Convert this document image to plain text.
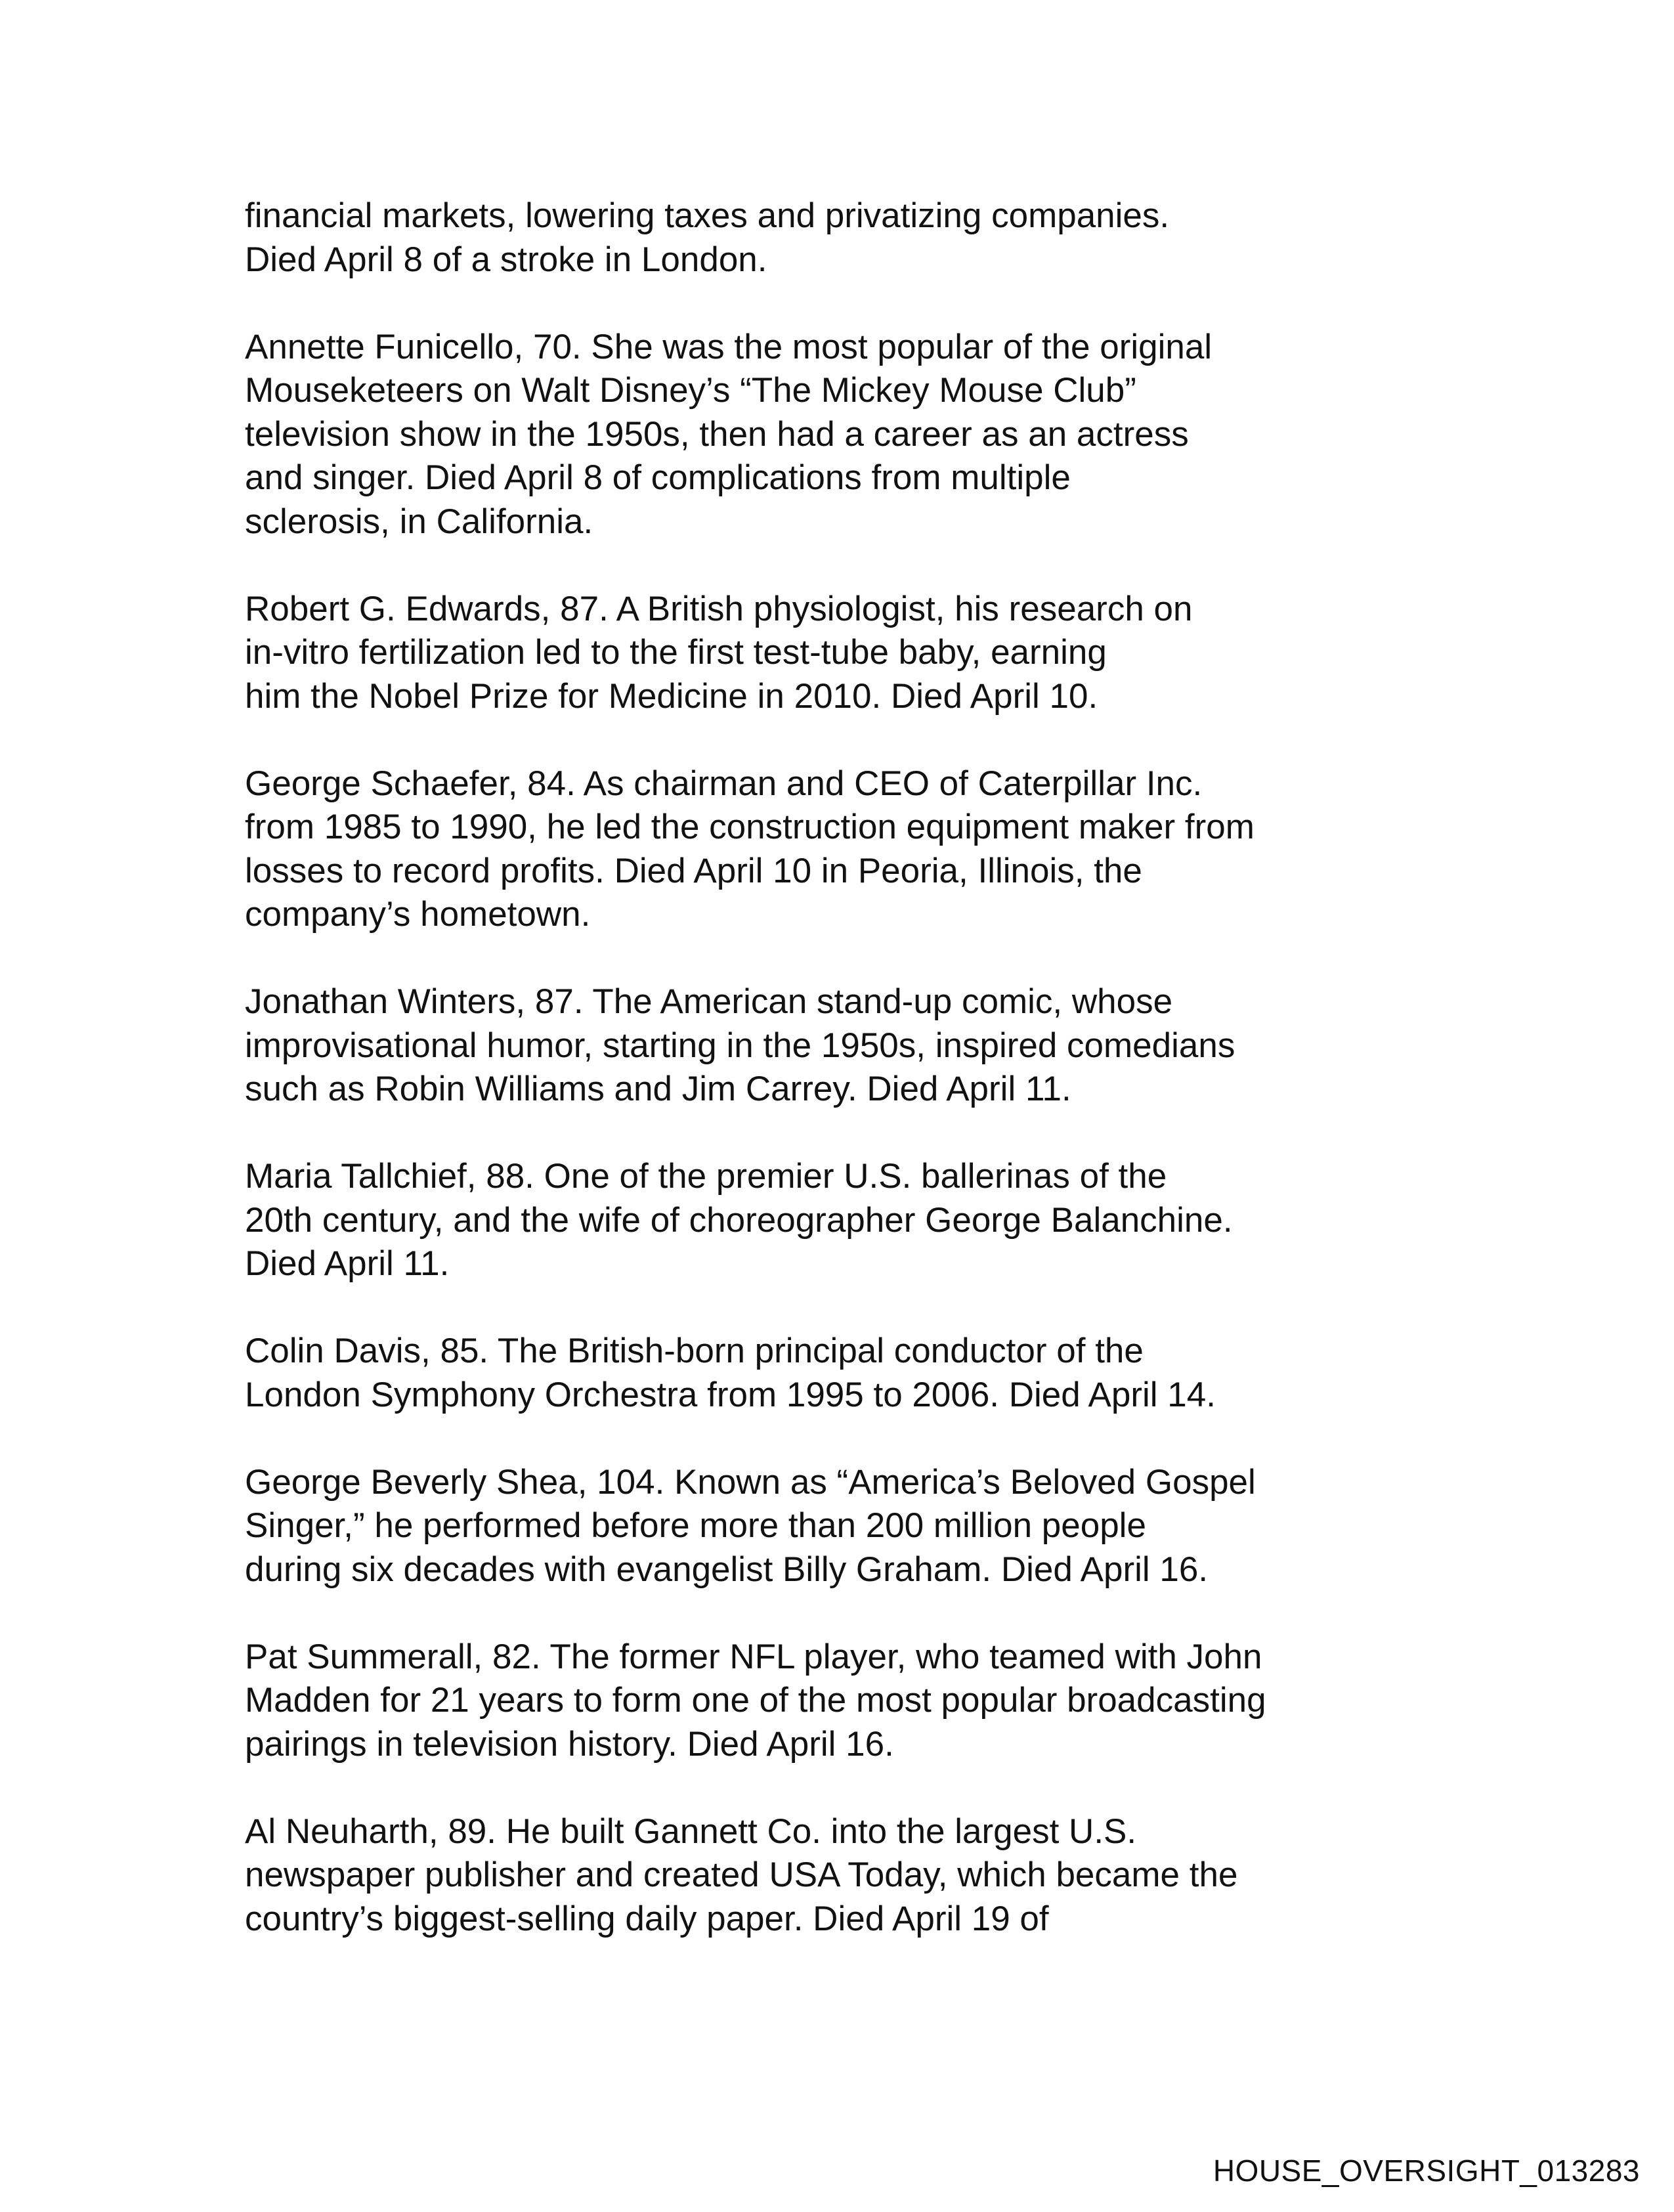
financial markets, lowering taxes and privatizing companies.
Died April 8 of a stroke in London.

Annette Funicello, 70. She was the most popular of the original
Mouseketeers on Walt Disney’s “The Mickey Mouse Club”
television show in the 1950s, then had a career as an actress
and singer. Died April 8 of complications from multiple
sclerosis, in California.

Robert G. Edwards, 87. A British physiologist, his research on
in-vitro fertilization led to the first test-tube baby, earning
him the Nobel Prize for Medicine in 2010. Died April 10.

George Schaefer, 84. As chairman and CEO of Caterpillar Inc.
from 1985 to 1990, he led the construction equipment maker from
losses to record profits. Died April 10 in Peoria, Illinois, the
company’s hometown.

Jonathan Winters, 87. The American stand-up comic, whose
improvisational humor, starting in the 1950s, inspired comedians
such as Robin Williams and Jim Carrey. Died April 11.

Maria Tallchief, 88. One of the premier U.S. ballerinas of the
20th century, and the wife of choreographer George Balanchine.
Died April 11.

Colin Davis, 85. The British-born principal conductor of the
London Symphony Orchestra from 1995 to 2006. Died April 14.

George Beverly Shea, 104. Known as “America’s Beloved Gospel
Singer,” he performed before more than 200 million people
during six decades with evangelist Billy Graham. Died April 16.

Pat Summerall, 82. The former NFL player, who teamed with John
Madden for 21 years to form one of the most popular broadcasting
pairings in television history. Died April 16.

Al Neuharth, 89. He built Gannett Co. into the largest U.S.
newspaper publisher and created USA Today, which became the
country’s biggest-selling daily paper. Died April 19 of

HOUSE_OVERSIGHT_013283
